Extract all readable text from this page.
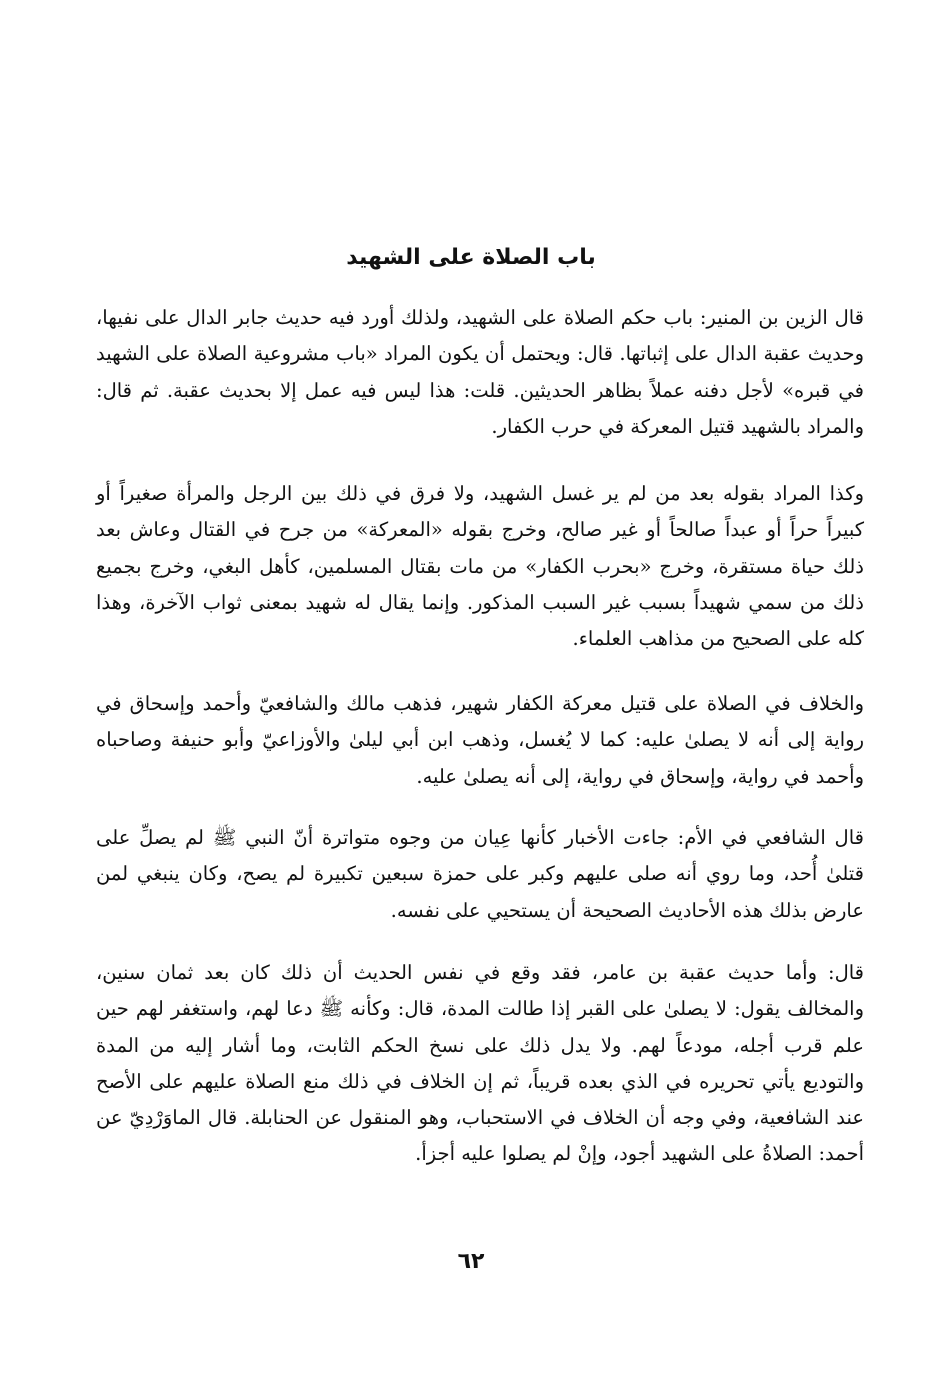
باب الصلاة على الشهيد

قال الزين بن المنير: باب حكم الصلاة على الشهيد، ولذلك أورد فيه حديث جابر الدال على نفيها، وحديث عقبة الدال على إثباتها. قال: ويحتمل أن يكون المراد «باب مشروعية الصلاة على الشهيد في قبره» لأجل دفنه عملاً بظاهر الحديثين. قلت: هذا ليس فيه عمل إلا بحديث عقبة. ثم قال: والمراد بالشهيد قتيل المعركة في حرب الكفار.

وكذا المراد بقوله بعد من لم ير غسل الشهيد، ولا فرق في ذلك بين الرجل والمرأة صغيراً أو كبيراً حراً أو عبداً صالحاً أو غير صالح، وخرج بقوله «المعركة» من جرح في القتال وعاش بعد ذلك حياة مستقرة، وخرج «بحرب الكفار» من مات بقتال المسلمين، كأهل البغي، وخرج بجميع ذلك من سمي شهيداً بسبب غير السبب المذكور. وإنما يقال له شهيد بمعنى ثواب الآخرة، وهذا كله على الصحيح من مذاهب العلماء.

والخلاف في الصلاة على قتيل معركة الكفار شهير، فذهب مالك والشافعيّ وأحمد وإسحاق في رواية إلى أنه لا يصلىٰ عليه: كما لا يُغسل، وذهب ابن أبي ليلىٰ والأوزاعيّ وأبو حنيفة وصاحباه وأحمد في رواية، وإسحاق في رواية، إلى أنه يصلىٰ عليه.

قال الشافعي في الأم: جاءت الأخبار كأنها عِيان من وجوه متواترة أنّ النبي ﷺ لم يصلِّ على قتلىٰ أُحد، وما روي أنه صلى عليهم وكبر على حمزة سبعين تكبيرة لم يصح، وكان ينبغي لمن عارض بذلك هذه الأحاديث الصحيحة أن يستحيي على نفسه.

قال: وأما حديث عقبة بن عامر، فقد وقع في نفس الحديث أن ذلك كان بعد ثمان سنين، والمخالف يقول: لا يصلىٰ على القبر إذا طالت المدة، قال: وكأنه ﷺ دعا لهم، واستغفر لهم حين علم قرب أجله، مودعاً لهم. ولا يدل ذلك على نسخ الحكم الثابت، وما أشار إليه من المدة والتوديع يأتي تحريره في الذي بعده قريباً، ثم إن الخلاف في ذلك منع الصلاة عليهم على الأصح عند الشافعية، وفي وجه أن الخلاف في الاستحباب، وهو المنقول عن الحنابلة. قال الماوَرْدِيّ عن أحمد: الصلاةُ على الشهيد أجود، وإنْ لم يصلوا عليه أجزأ.

٦٢
